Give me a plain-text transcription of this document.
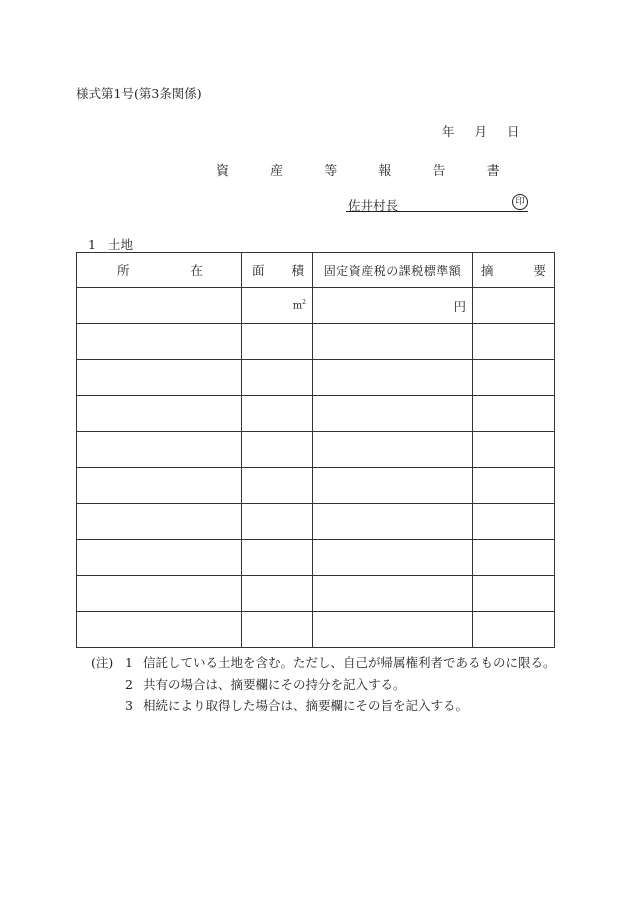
様式第1号(第3条関係)
年 月 日
資 産 等 報 告 書
佐井村長	印
1 土地
所 在	面 積	固定資産税の課税標準額	摘 要

	$m^2$	円	

(注) 1 信託している土地を含む。ただし、自己が帰属権利者であるものに限る。
2 共有の場合は、摘要欄にその持分を記入する。
3 相続により取得した場合は、摘要欄にその旨を記入する。
